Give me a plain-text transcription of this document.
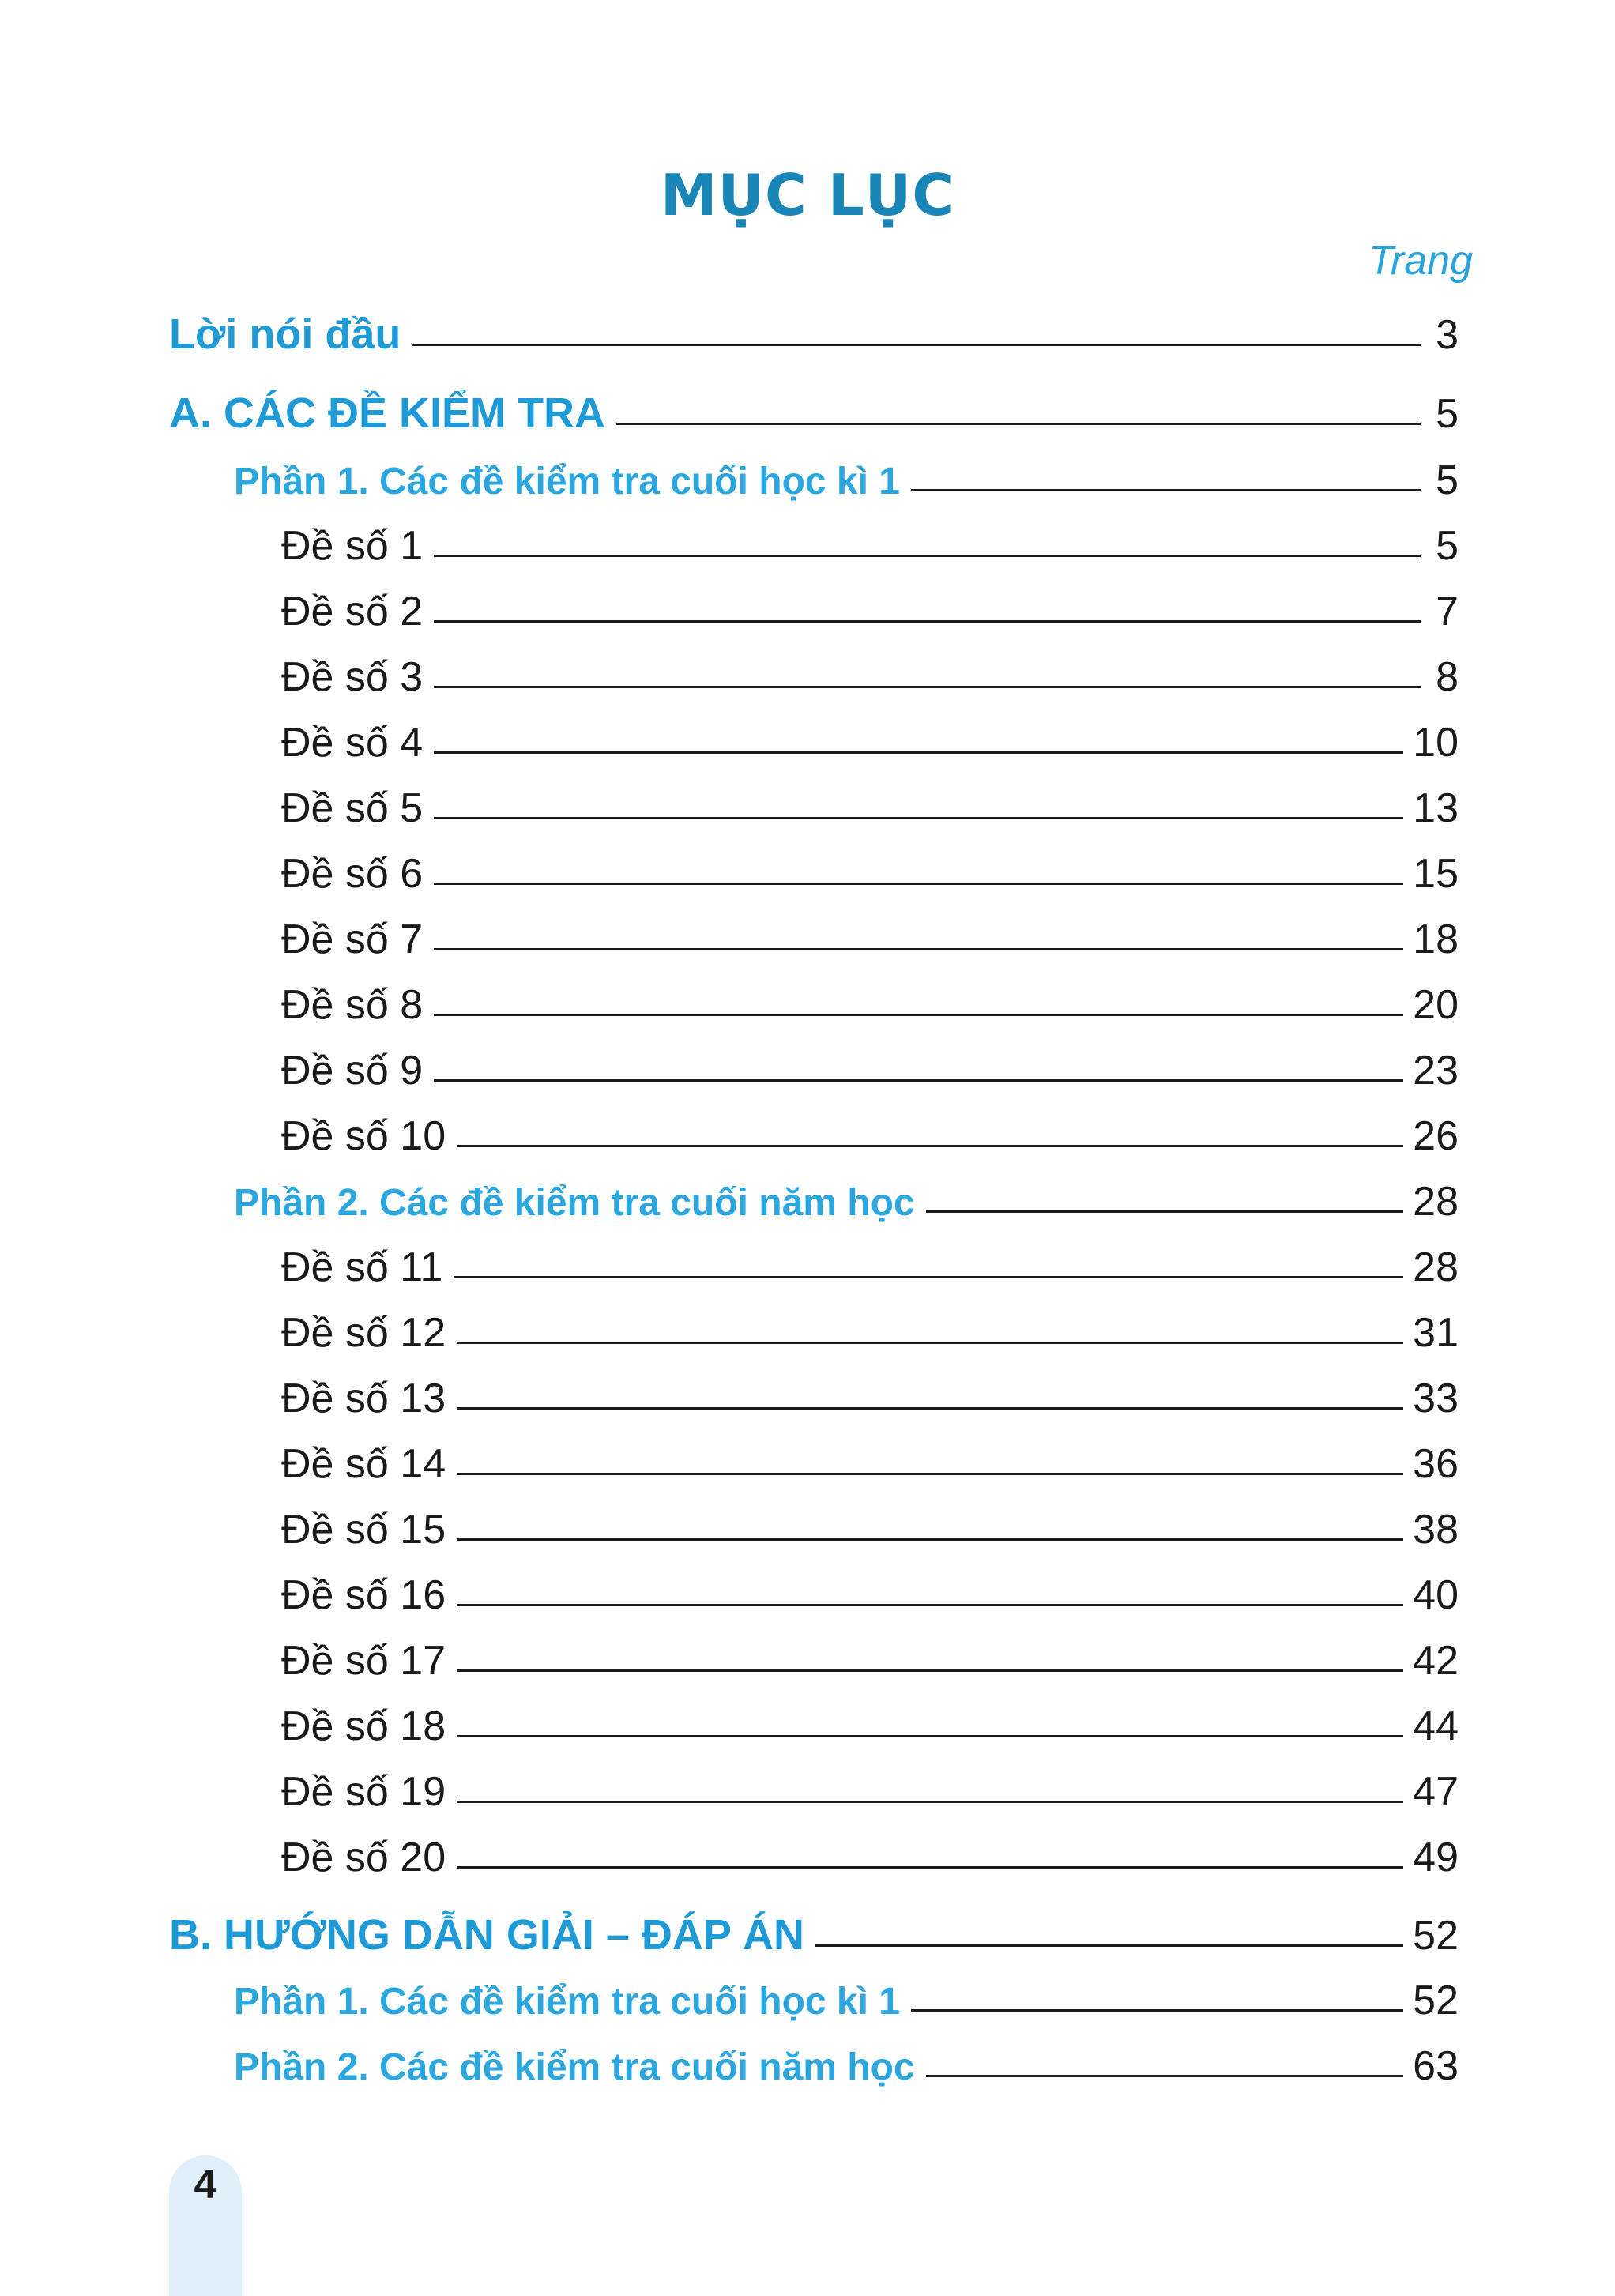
MỤC LỤC
Trang
Lời nói đầu	3
A. CÁC ĐỀ KIỂM TRA	5
Phần 1. Các đề kiểm tra cuối học kì 1	5
Đề số 1	5
Đề số 2	7
Đề số 3	8
Đề số 4	10
Đề số 5	13
Đề số 6	15
Đề số 7	18
Đề số 8	20
Đề số 9	23
Đề số 10	26
Phần 2. Các đề kiểm tra cuối năm học	28
Đề số 11	28
Đề số 12	31
Đề số 13	33
Đề số 14	36
Đề số 15	38
Đề số 16	40
Đề số 17	42
Đề số 18	44
Đề số 19	47
Đề số 20	49
B. HƯỚNG DẪN GIẢI – ĐÁP ÁN	52
Phần 1. Các đề kiểm tra cuối học kì 1	52
Phần 2. Các đề kiểm tra cuối năm học	63
4
